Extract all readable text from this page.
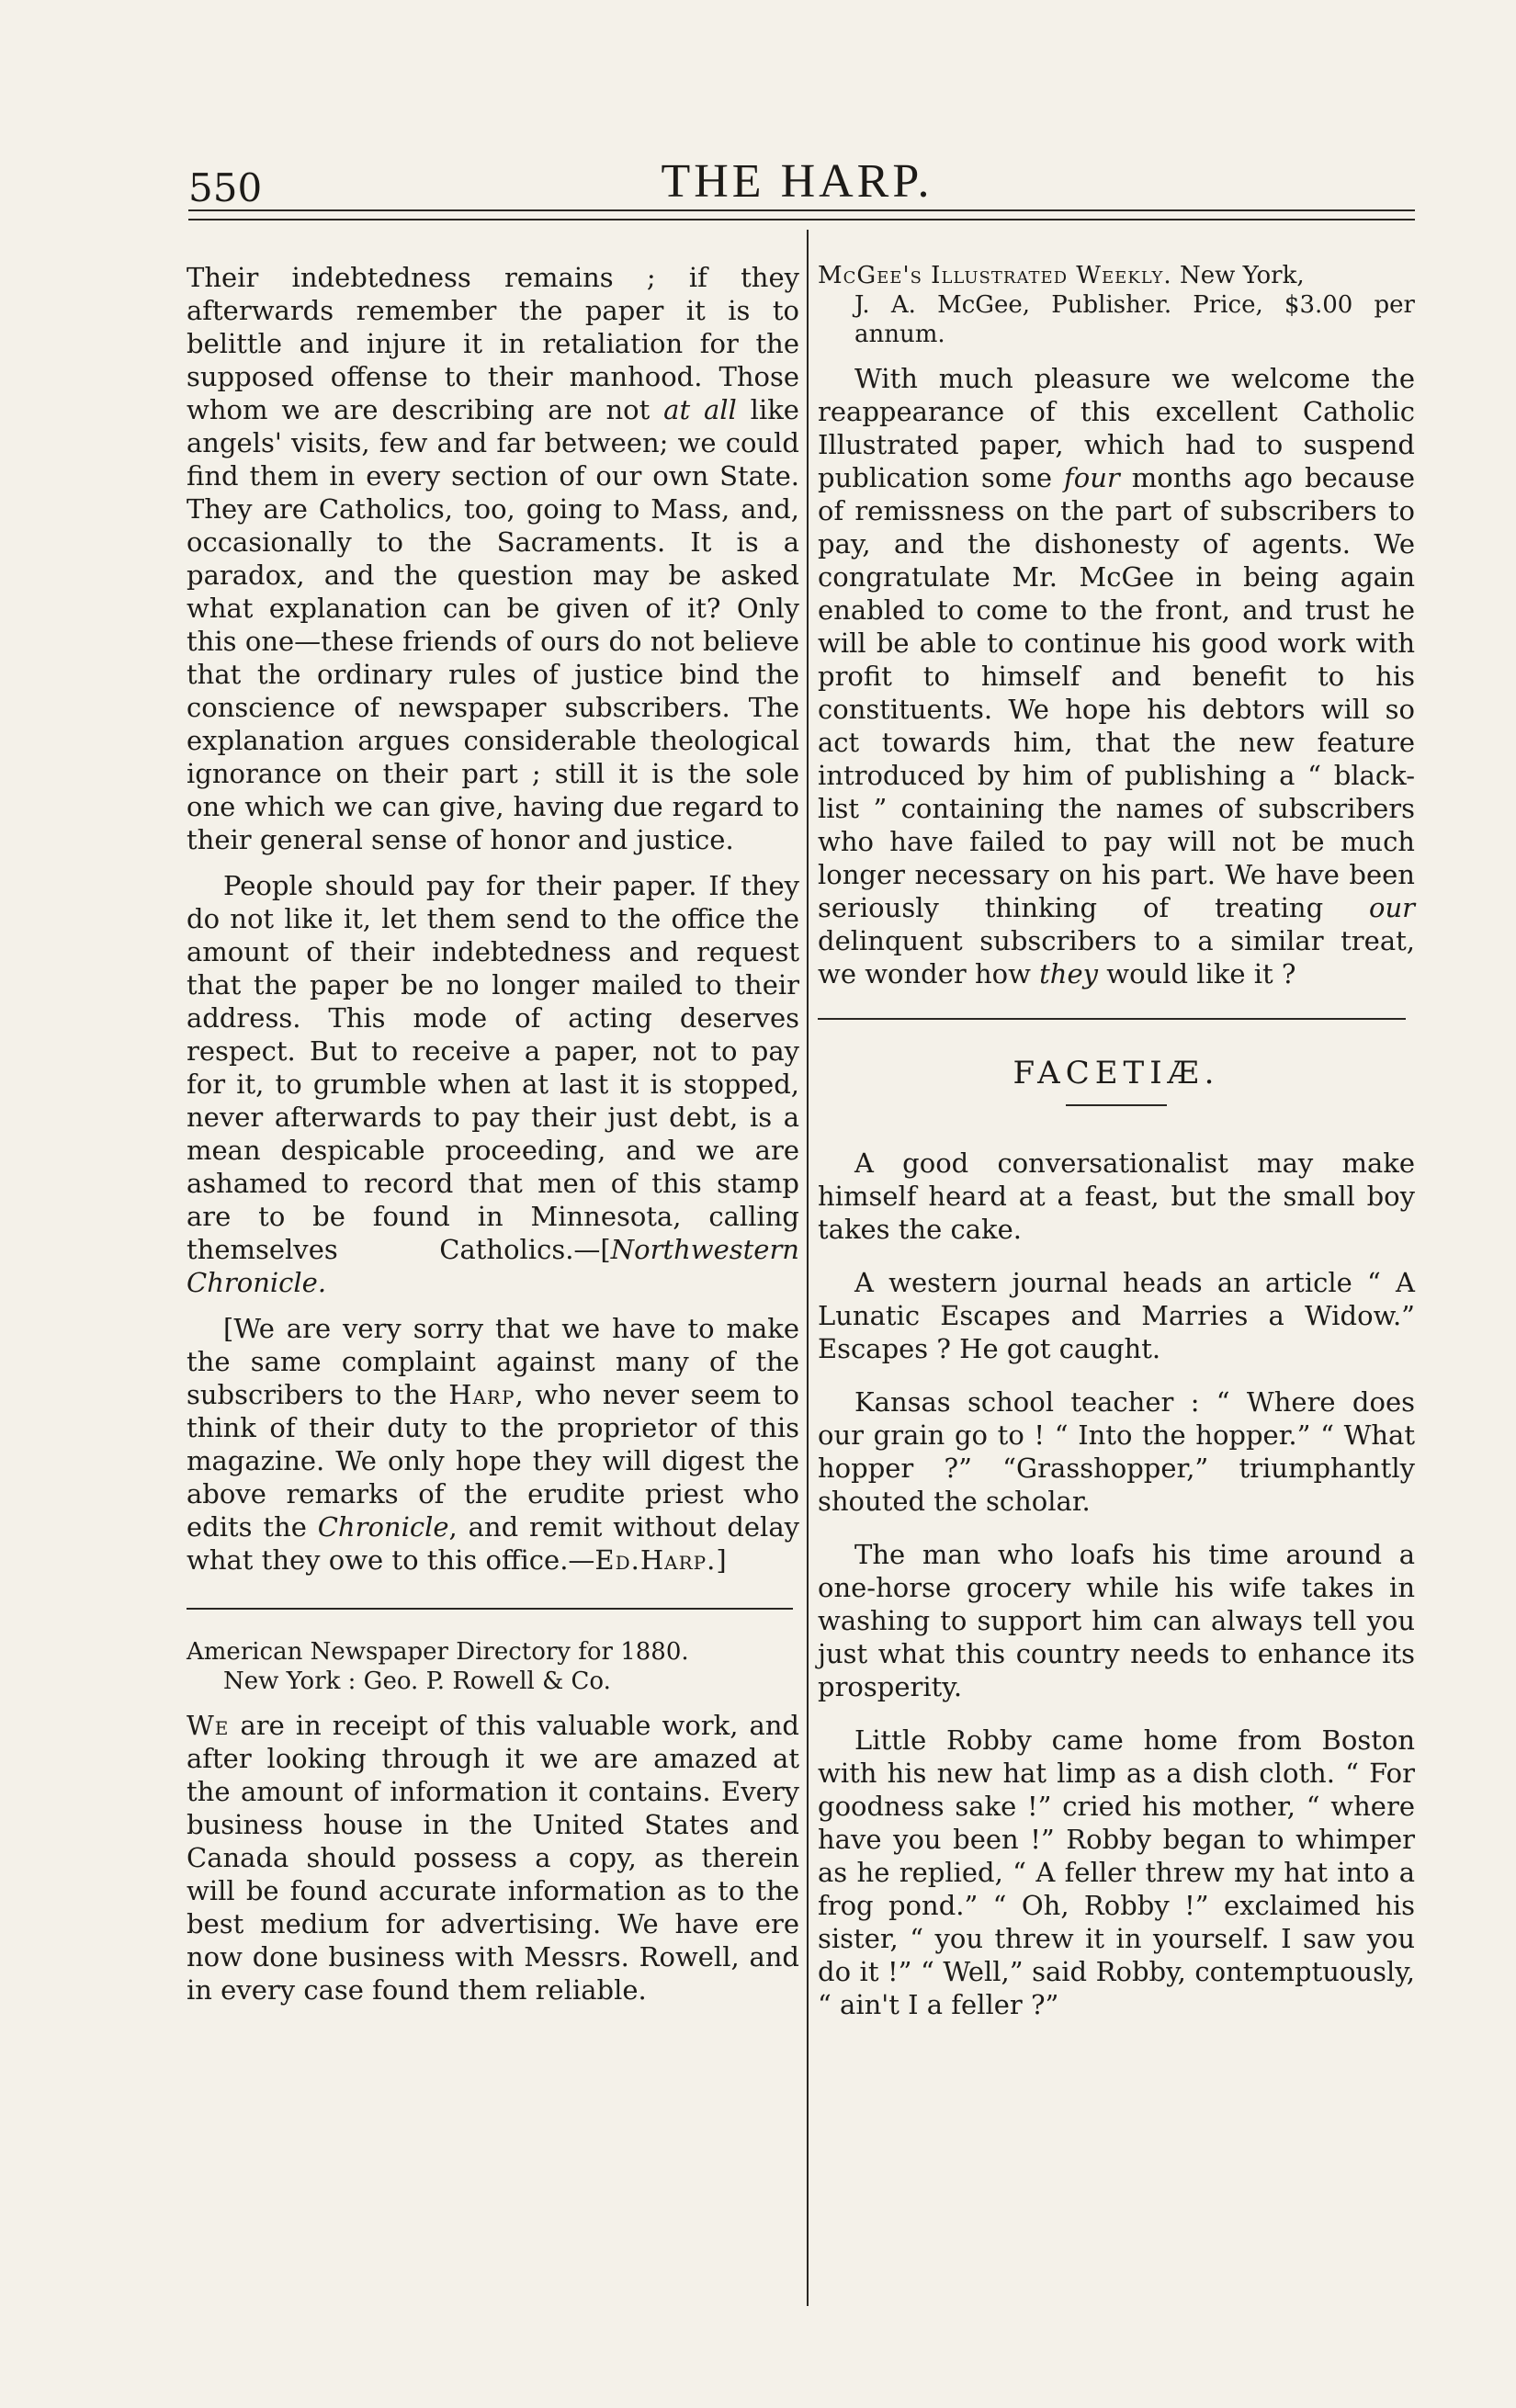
550	THE HARP.

Their indebtedness remains ; if they afterwards remember the paper it is to belittle and injure it in retaliation for the supposed offense to their manhood. Those whom we are describing are not at all like angels' visits, few and far between; we could find them in every section of our own State. They are Catholics, too, going to Mass, and, occasionally to the Sacraments. It is a paradox, and the question may be asked what explanation can be given of it? Only this one—these friends of ours do not believe that the ordinary rules of justice bind the conscience of newspaper subscribers. The explanation argues considerable theological ignorance on their part ; still it is the sole one which we can give, having due regard to their general sense of honor and justice.

People should pay for their paper. If they do not like it, let them send to the office the amount of their indebtedness and request that the paper be no longer mailed to their address. This mode of acting deserves respect. But to receive a paper, not to pay for it, to grumble when at last it is stopped, never afterwards to pay their just debt, is a mean despicable proceeding, and we are ashamed to record that men of this stamp are to be found in Minnesota, calling themselves Catholics.—[Northwestern Chronicle.

[We are very sorry that we have to make the same complaint against many of the subscribers to the Harp, who never seem to think of their duty to the proprietor of this magazine. We only hope they will digest the above remarks of the erudite priest who edits the Chronicle, and remit without delay what they owe to this office.—Ed.Harp.]

American Newspaper Directory for 1880.
New York : Geo. P. Rowell & Co.

We are in receipt of this valuable work, and after looking through it we are amazed at the amount of information it contains. Every business house in the United States and Canada should possess a copy, as therein will be found accurate information as to the best medium for advertising. We have ere now done business with Messrs. Rowell, and in every case found them reliable.

McGee's Illustrated Weekly. New York,
J. A. McGee, Publisher. Price, $3.00 per annum.

With much pleasure we welcome the reappearance of this excellent Catholic Illustrated paper, which had to suspend publication some four months ago because of remissness on the part of subscribers to pay, and the dishonesty of agents. We congratulate Mr. McGee in being again enabled to come to the front, and trust he will be able to continue his good work with profit to himself and benefit to his constituents. We hope his debtors will so act towards him, that the new feature introduced by him of publishing a “ black-list ” containing the names of subscribers who have failed to pay will not be much longer necessary on his part. We have been seriously thinking of treating our delinquent subscribers to a similar treat, we wonder how they would like it ?

FACETIÆ.

A good conversationalist may make himself heard at a feast, but the small boy takes the cake.

A western journal heads an article “ A Lunatic Escapes and Marries a Widow.” Escapes ? He got caught.

Kansas school teacher : “ Where does our grain go to ! “ Into the hopper.” “ What hopper ?” “Grasshopper,” triumphantly shouted the scholar.

The man who loafs his time around a one-horse grocery while his wife takes in washing to support him can always tell you just what this country needs to enhance its prosperity.

Little Robby came home from Boston with his new hat limp as a dish cloth. “ For goodness sake !” cried his mother, “ where have you been !” Robby began to whimper as he replied, “ A feller threw my hat into a frog pond.” “ Oh, Robby !” exclaimed his sister, “ you threw it in yourself. I saw you do it !” “ Well,” said Robby, contemptuously, “ ain't I a feller ?”
